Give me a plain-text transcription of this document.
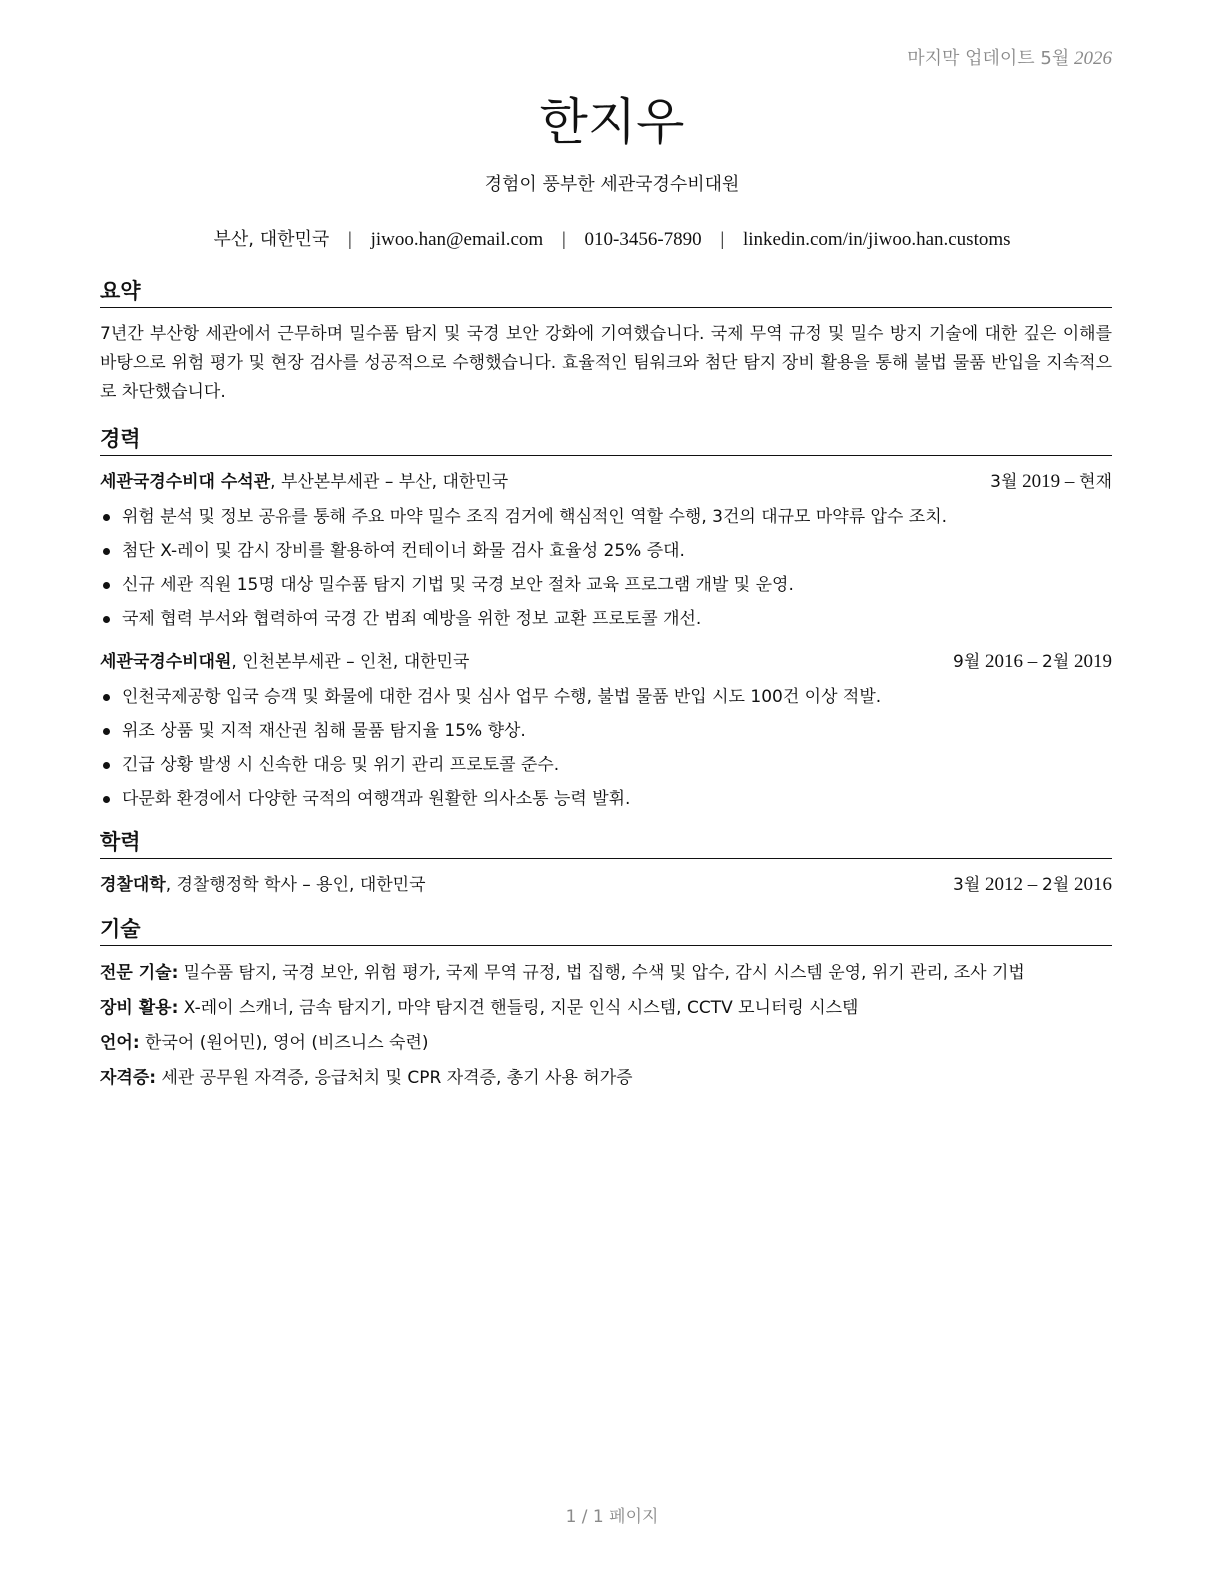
마지막 업데이트 5월 2026
한지우
경험이 풍부한 세관국경수비대원
부산, 대한민국 | jiwoo.han@email.com | 010-3456-7890 | linkedin.com/in/jiwoo.han.customs
요약

7년간 부산항 세관에서 근무하며 밀수품 탐지 및 국경 보안 강화에 기여했습니다. 국제 무역 규정 및 밀수 방지 기술에 대한 깊은 이해를 바탕으로 위험 평가 및 현장 검사를 성공적으로 수행했습니다. 효율적인 팀워크와 첨단 탐지 장비 활용을 통해 불법 물품 반입을 지속적으로 차단했습니다.

경력
세관국경수비대 수석관, 부산본부세관 – 부산, 대한민국	3월 2019 – 현재
위험 분석 및 정보 공유를 통해 주요 마약 밀수 조직 검거에 핵심적인 역할 수행, 3건의 대규모 마약류 압수 조치.
첨단 X-레이 및 감시 장비를 활용하여 컨테이너 화물 검사 효율성 25% 증대.
신규 세관 직원 15명 대상 밀수품 탐지 기법 및 국경 보안 절차 교육 프로그램 개발 및 운영.
국제 협력 부서와 협력하여 국경 간 범죄 예방을 위한 정보 교환 프로토콜 개선.
세관국경수비대원, 인천본부세관 – 인천, 대한민국	9월 2016 – 2월 2019
인천국제공항 입국 승객 및 화물에 대한 검사 및 심사 업무 수행, 불법 물품 반입 시도 100건 이상 적발.
위조 상품 및 지적 재산권 침해 물품 탐지율 15% 향상.
긴급 상황 발생 시 신속한 대응 및 위기 관리 프로토콜 준수.
다문화 환경에서 다양한 국적의 여행객과 원활한 의사소통 능력 발휘.
학력
경찰대학, 경찰행정학 학사 – 용인, 대한민국	3월 2012 – 2월 2016
기술
전문 기술: 밀수품 탐지, 국경 보안, 위험 평가, 국제 무역 규정, 법 집행, 수색 및 압수, 감시 시스템 운영, 위기 관리, 조사 기법
장비 활용: X-레이 스캐너, 금속 탐지기, 마약 탐지견 핸들링, 지문 인식 시스템, CCTV 모니터링 시스템
언어: 한국어 (원어민), 영어 (비즈니스 숙련)
자격증: 세관 공무원 자격증, 응급처치 및 CPR 자격증, 총기 사용 허가증
1 / 1 페이지
